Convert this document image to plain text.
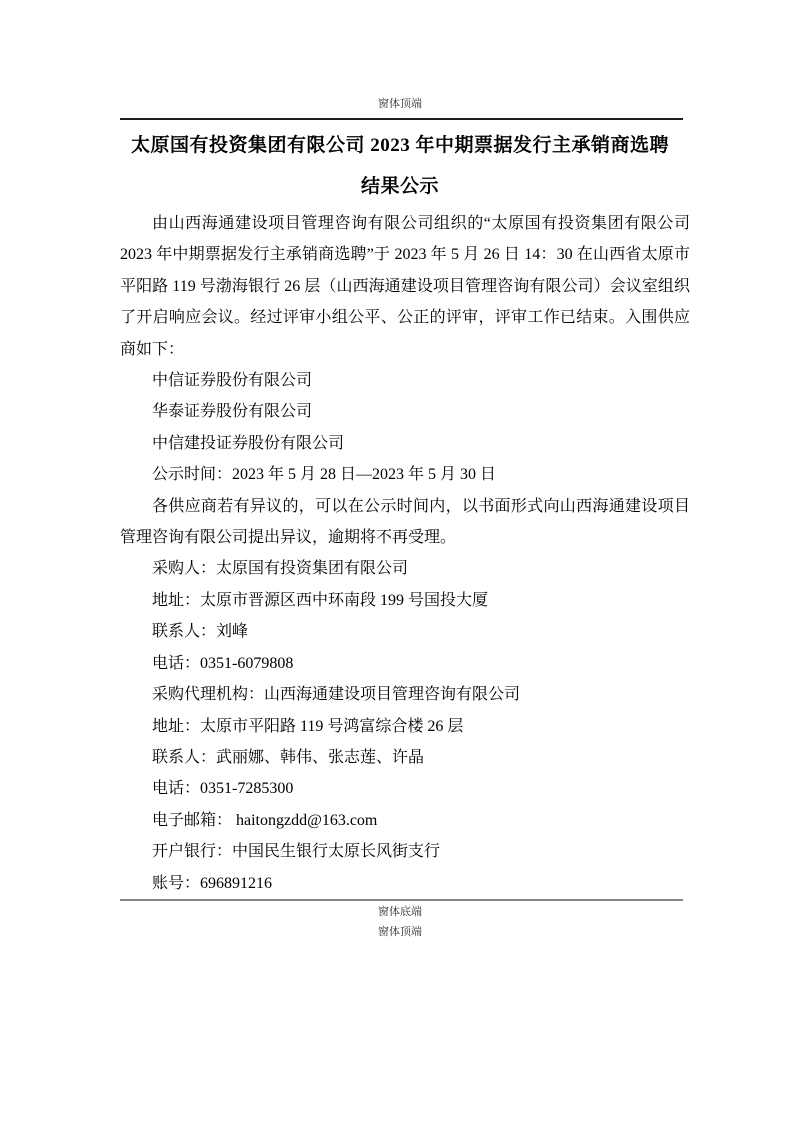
窗体顶端
太原国有投资集团有限公司 2023 年中期票据发行主承销商选聘
结果公示

由山西海通建设项目管理咨询有限公司组织的“太原国有投资集团有限公司 2023 年中期票据发行主承销商选聘”于 2023 年 5 月 26 日 14：30 在山西省太原市平阳路 119 号渤海银行 26 层（山西海通建设项目管理咨询有限公司）会议室组织了开启响应会议。经过评审小组公平、公正的评审，评审工作已结束。入围供应商如下：

中信证券股份有限公司

华泰证券股份有限公司

中信建投证券股份有限公司

公示时间：2023 年 5 月 28 日—2023 年 5 月 30 日

各供应商若有异议的，可以在公示时间内，以书面形式向山西海通建设项目管理咨询有限公司提出异议，逾期将不再受理。

采购人：太原国有投资集团有限公司

地址：太原市晋源区西中环南段 199 号国投大厦

联系人：刘峰

电话：0351-6079808

采购代理机构：山西海通建设项目管理咨询有限公司

地址：太原市平阳路 119 号鸿富综合楼 26 层

联系人：武丽娜、韩伟、张志莲、许晶

电话：0351-7285300

电子邮箱： haitongzdd@163.com

开户银行：中国民生银行太原长风街支行

账号：696891216

窗体底端
窗体顶端
